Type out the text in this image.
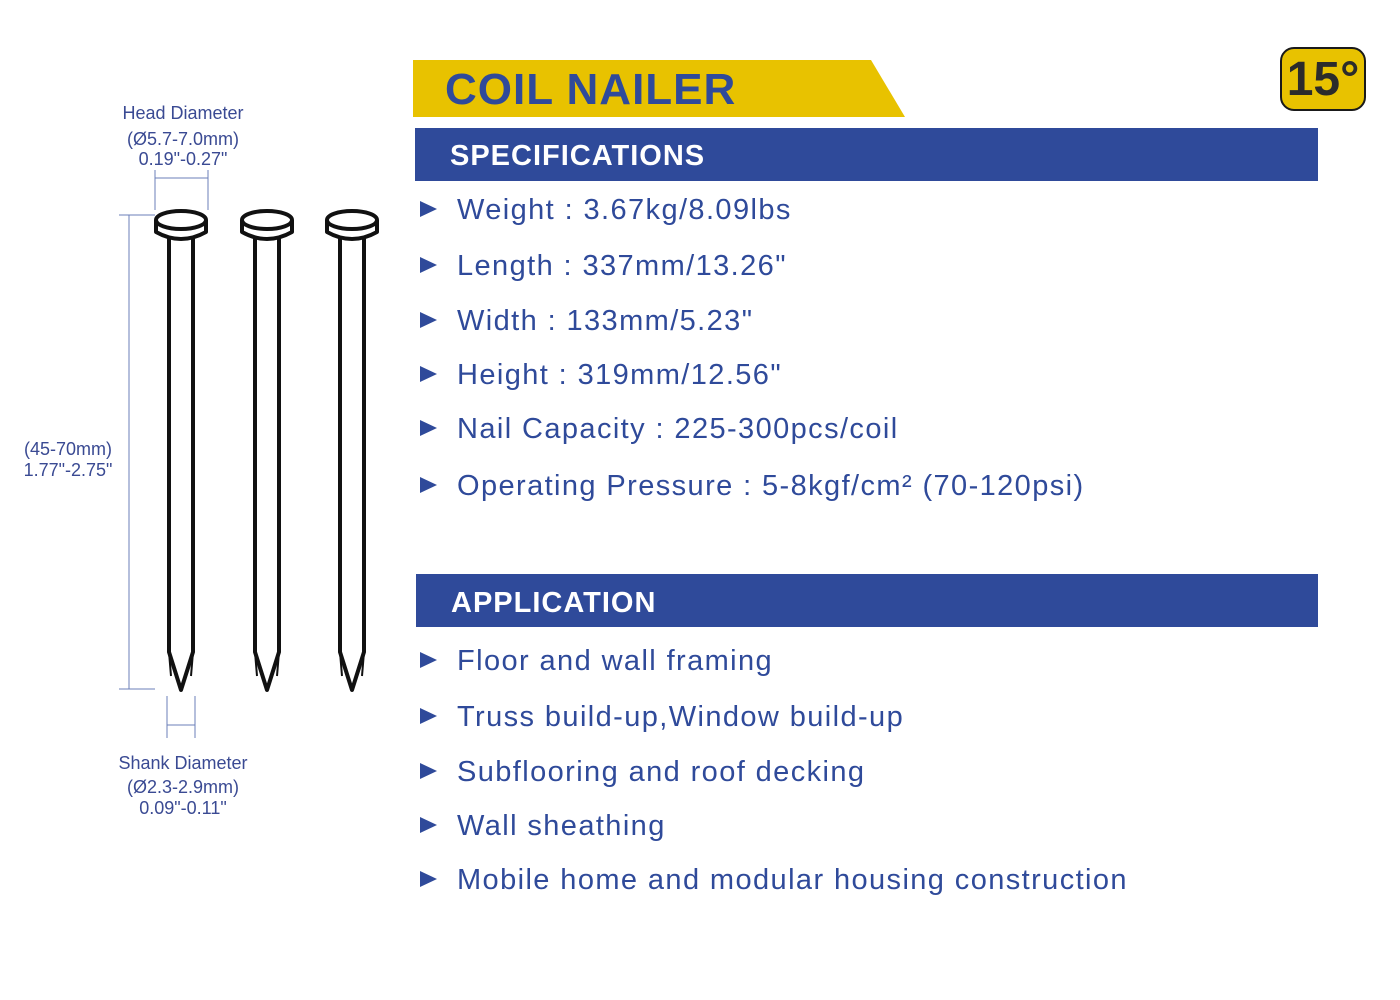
Head Diameter
(Ø5.7-7.0mm)
0.19"-0.27"
(45-70mm)
1.77"-2.75"
Shank Diameter
(Ø2.3-2.9mm)
0.09"-0.11"
COIL NAILER	15°
SPECIFICATIONS
Weight : 3.67kg/8.09lbs
Length : 337mm/13.26"
Width : 133mm/5.23"
Height : 319mm/12.56"
Nail Capacity : 225-300pcs/coil
Operating Pressure : 5-8kgf/cm² (70-120psi)
APPLICATION
Floor and wall framing
Truss build-up,Window build-up
Subflooring and roof decking
Wall sheathing
Mobile home and modular housing construction
